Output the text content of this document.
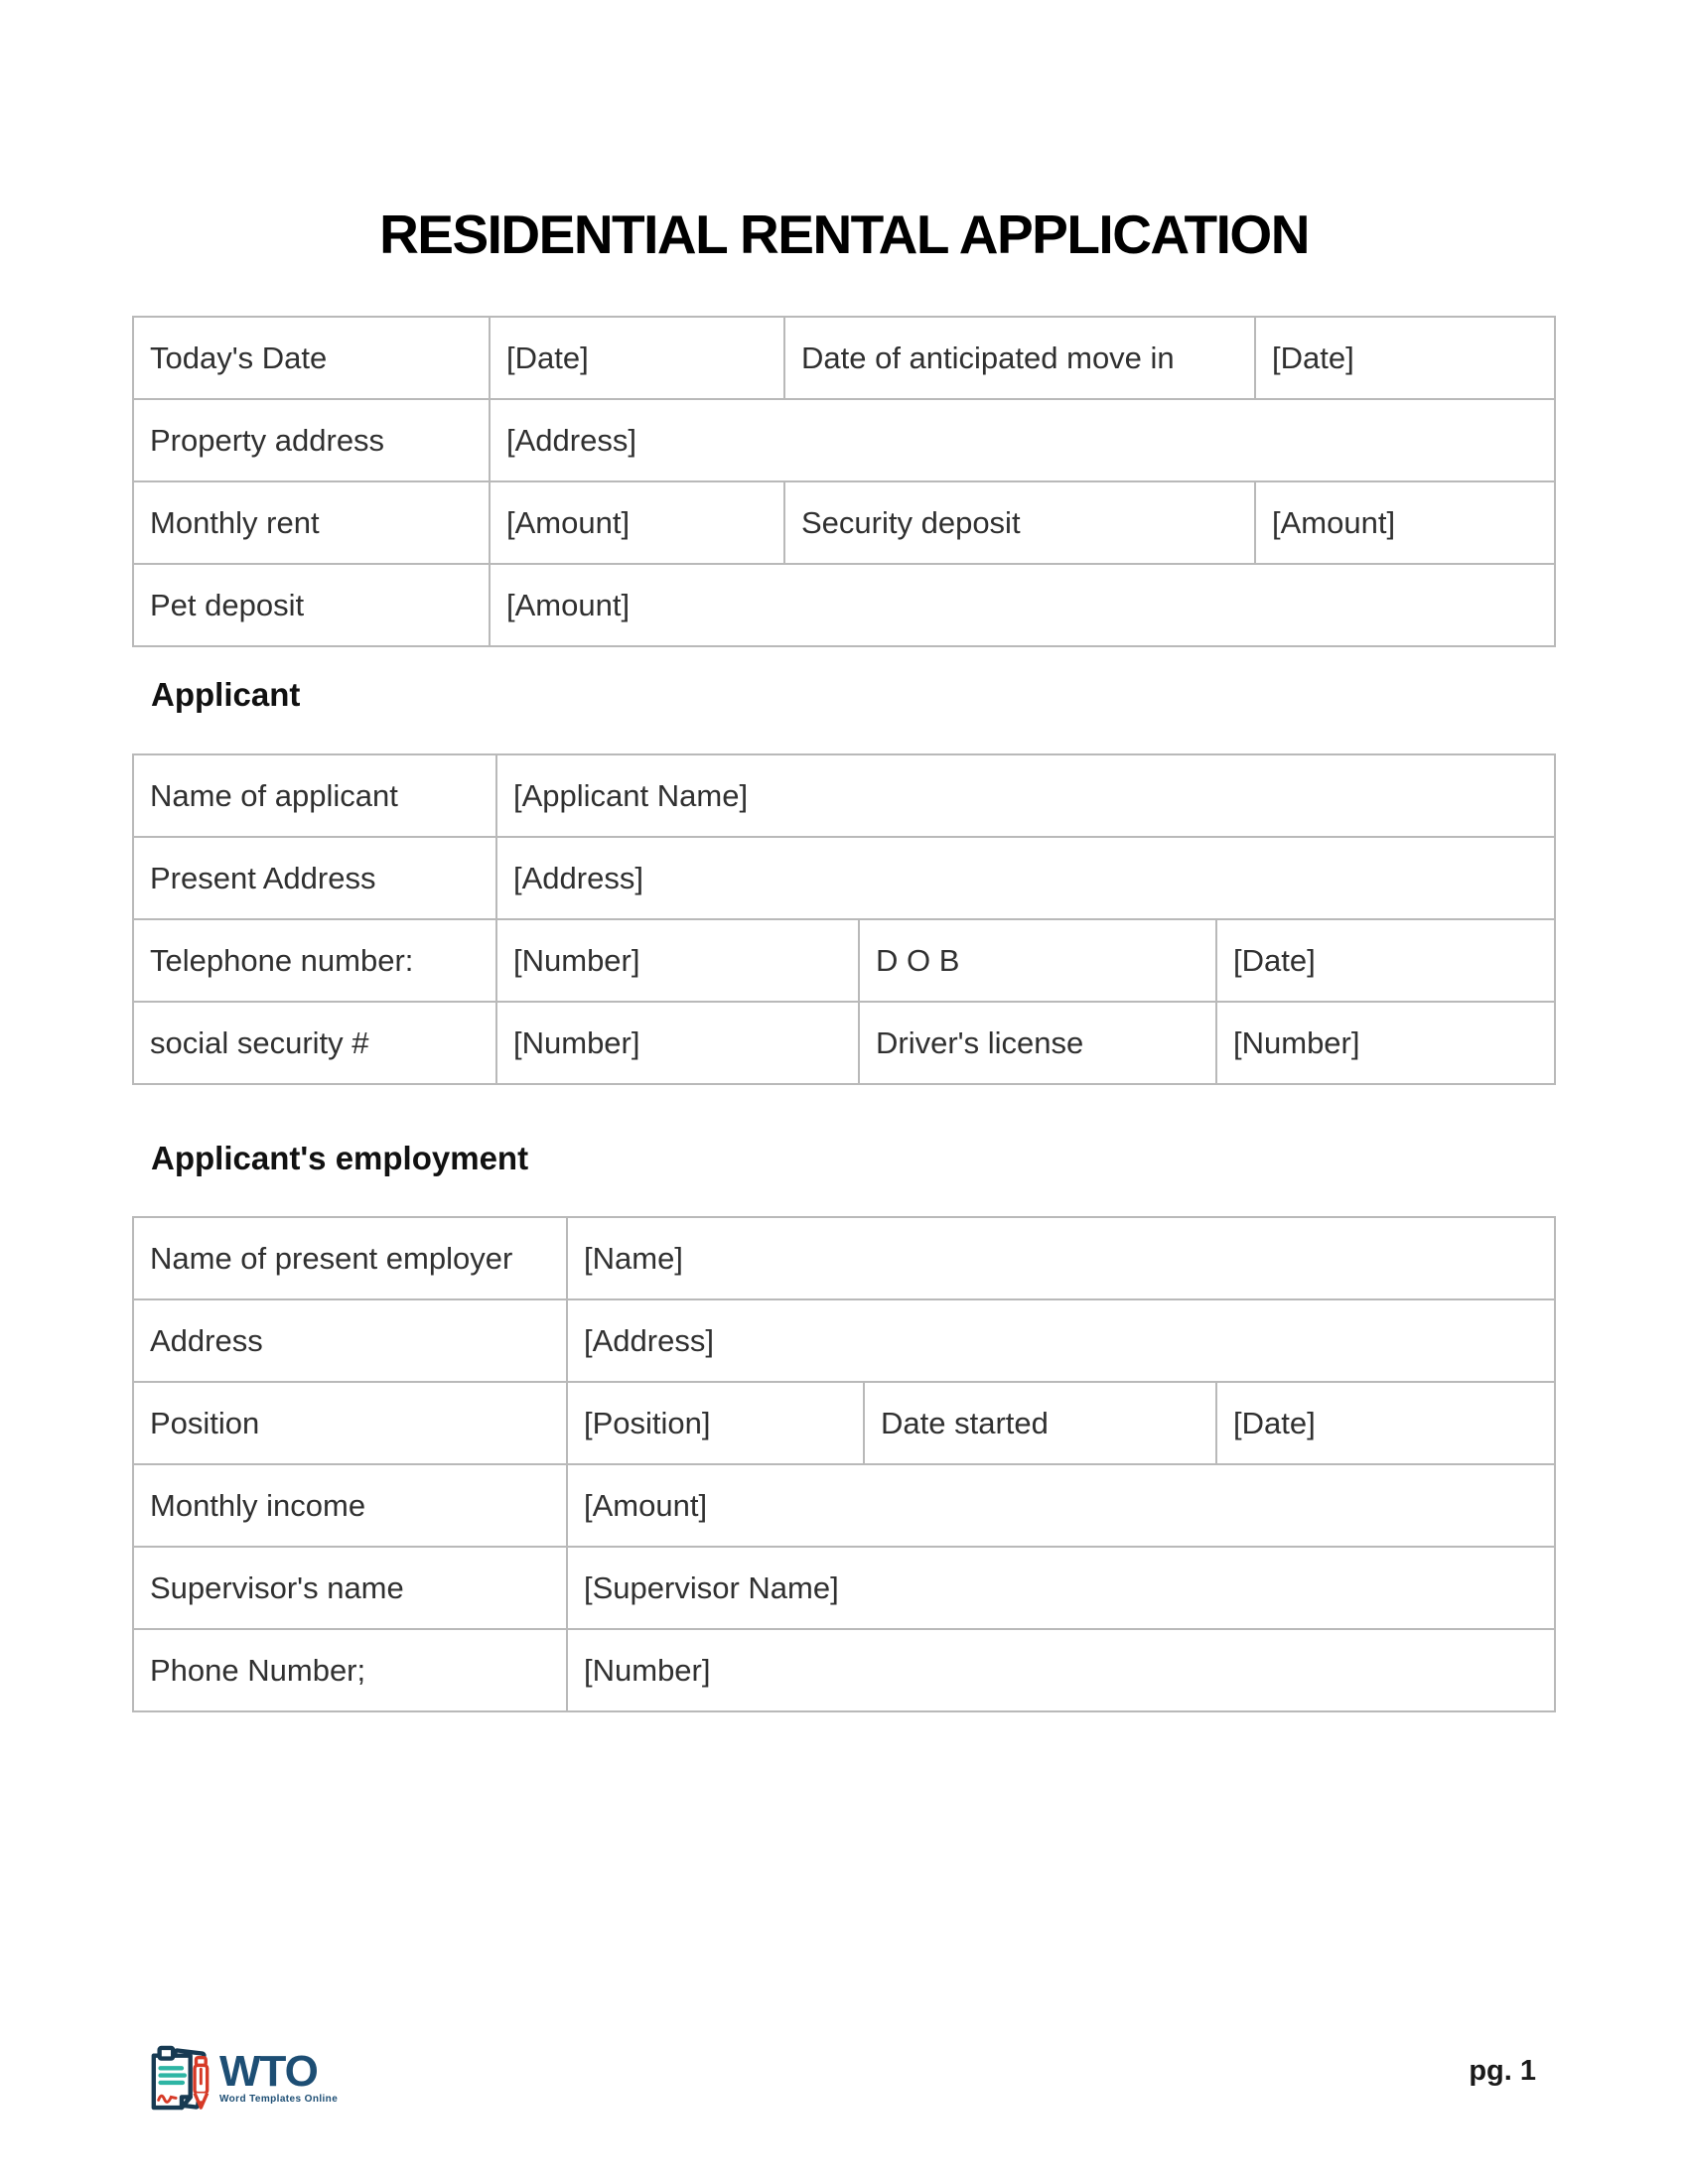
RESIDENTIAL RENTAL APPLICATION
Today's Date	[Date]	Date of anticipated move in	[Date]
Property address	[Address]		
Monthly rent	[Amount]	Security deposit	[Amount]
Pet deposit	[Amount]		
Applicant
Name of applicant	[Applicant Name]		
Present Address	[Address]		
Telephone number:	[Number]	D O B	[Date]
social security #	[Number]	Driver's license	[Number]
Applicant's employment
Name of present employer	[Name]		
Address	[Address]		
Position	[Position]	Date started	[Date]
Monthly income	[Amount]		
Supervisor's name	[Supervisor Name]		
Phone Number;	[Number]		
WTO
Word Templates Online
pg. 1
